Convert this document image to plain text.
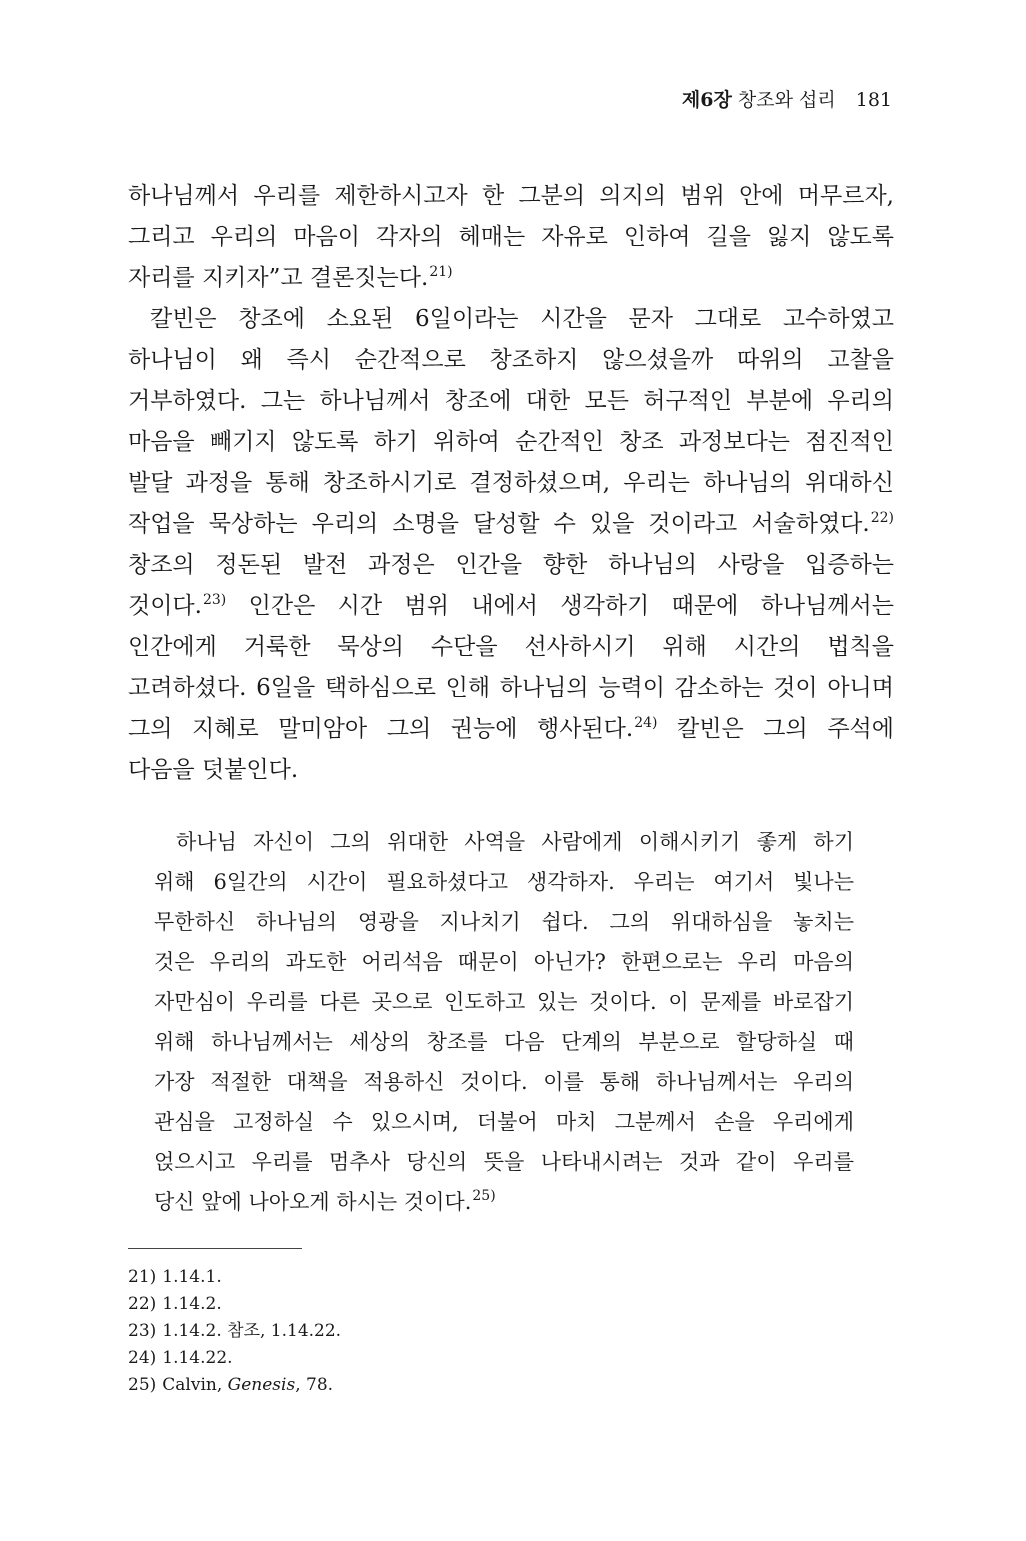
제6장 창조와 섭리 181
하나님께서 우리를 제한하시고자 한 그분의 의지의 범위 안에 머무르자,
그리고 우리의 마음이 각자의 헤매는 자유로 인하여 길을 잃지 않도록
자리를 지키자”고 결론짓는다.$^{21)}$
칼빈은 창조에 소요된 6일이라는 시간을 문자 그대로 고수하였고
하나님이 왜 즉시 순간적으로 창조하지 않으셨을까 따위의 고찰을
거부하였다. 그는 하나님께서 창조에 대한 모든 허구적인 부분에 우리의
마음을 빼기지 않도록 하기 위하여 순간적인 창조 과정보다는 점진적인
발달 과정을 통해 창조하시기로 결정하셨으며, 우리는 하나님의 위대하신
작업을 묵상하는 우리의 소명을 달성할 수 있을 것이라고 서술하였다.$^{22)}$
창조의 정돈된 발전 과정은 인간을 향한 하나님의 사랑을 입증하는
것이다.$^{23)}$ 인간은 시간 범위 내에서 생각하기 때문에 하나님께서는
인간에게 거룩한 묵상의 수단을 선사하시기 위해 시간의 법칙을
고려하셨다. 6일을 택하심으로 인해 하나님의 능력이 감소하는 것이 아니며
그의 지혜로 말미암아 그의 권능에 행사된다.$^{24)}$ 칼빈은 그의 주석에
다음을 덧붙인다.
하나님 자신이 그의 위대한 사역을 사람에게 이해시키기 좋게 하기
위해 6일간의 시간이 필요하셨다고 생각하자. 우리는 여기서 빛나는
무한하신 하나님의 영광을 지나치기 쉽다. 그의 위대하심을 놓치는
것은 우리의 과도한 어리석음 때문이 아닌가? 한편으로는 우리 마음의
자만심이 우리를 다른 곳으로 인도하고 있는 것이다. 이 문제를 바로잡기
위해 하나님께서는 세상의 창조를 다음 단계의 부분으로 할당하실 때
가장 적절한 대책을 적용하신 것이다. 이를 통해 하나님께서는 우리의
관심을 고정하실 수 있으시며, 더불어 마치 그분께서 손을 우리에게
얹으시고 우리를 멈추사 당신의 뜻을 나타내시려는 것과 같이 우리를
당신 앞에 나아오게 하시는 것이다.$^{25)}$
21) 1.14.1.
22) 1.14.2.
23) 1.14.2. 참조, 1.14.22.
24) 1.14.22.
25) Calvin, Genesis, 78.
